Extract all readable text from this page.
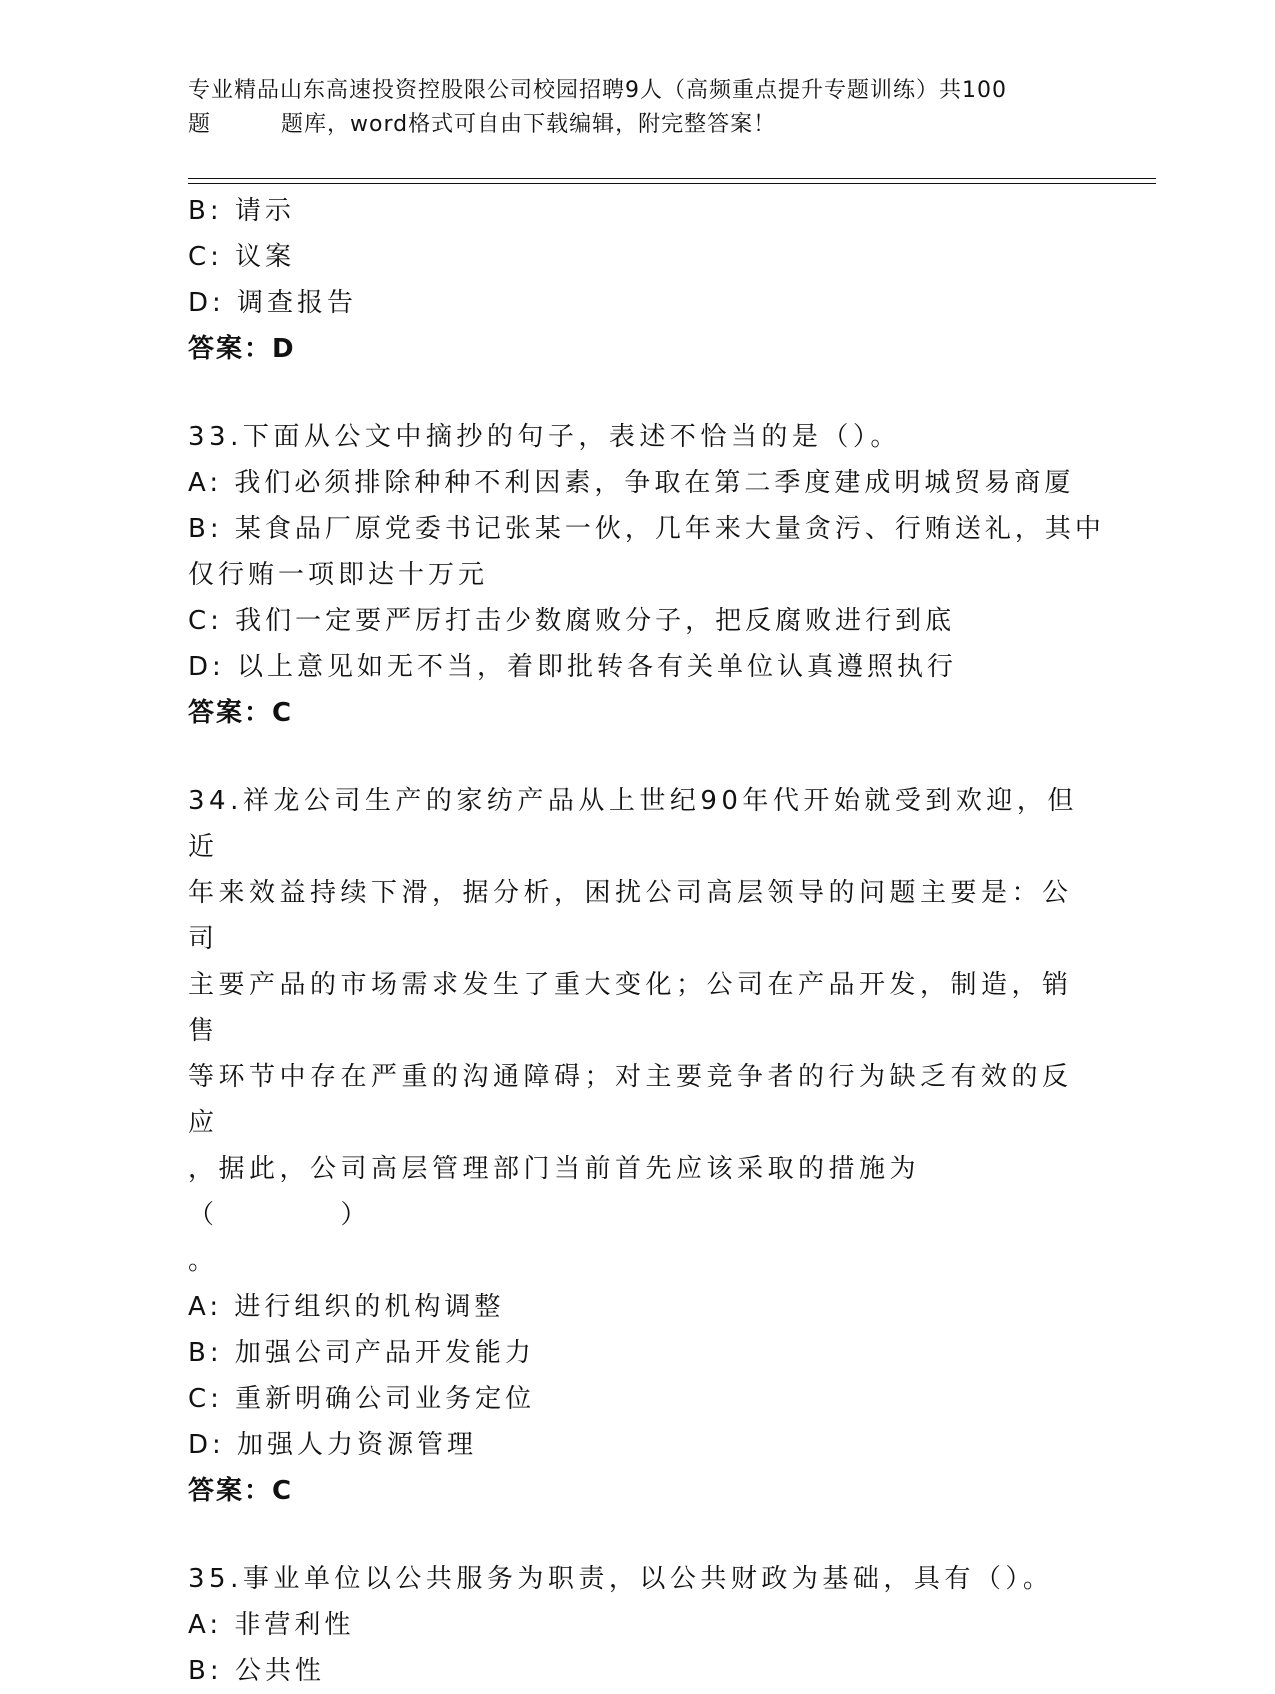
专业精品山东高速投资控股限公司校园招聘9人（高频重点提升专题训练）共100
题	题库，word格式可自由下载编辑，附完整答案！
B: 请示
C: 议案
D: 调查报告
答案：D
33.下面从公文中摘抄的句子，表述不恰当的是（）。
A: 我们必须排除种种不利因素，争取在第二季度建成明城贸易商厦
B: 某食品厂原党委书记张某一伙，几年来大量贪污、行贿送礼，其中
仅行贿一项即达十万元
C: 我们一定要严厉打击少数腐败分子，把反腐败进行到底
D: 以上意见如无不当，着即批转各有关单位认真遵照执行
答案：C
34.祥龙公司生产的家纺产品从上世纪90年代开始就受到欢迎，但近
年来效益持续下滑，据分析，困扰公司高层领导的问题主要是：公司
主要产品的市场需求发生了重大变化；公司在产品开发，制造，销售
等环节中存在严重的沟通障碍；对主要竞争者的行为缺乏有效的反应
，据此，公司高层管理部门当前首先应该采取的措施为（　　　　）
。
A: 进行组织的机构调整
B: 加强公司产品开发能力
C: 重新明确公司业务定位
D: 加强人力资源管理
答案：C
35.事业单位以公共服务为职责，以公共财政为基础，具有（）。
A: 非营利性
B: 公共性
